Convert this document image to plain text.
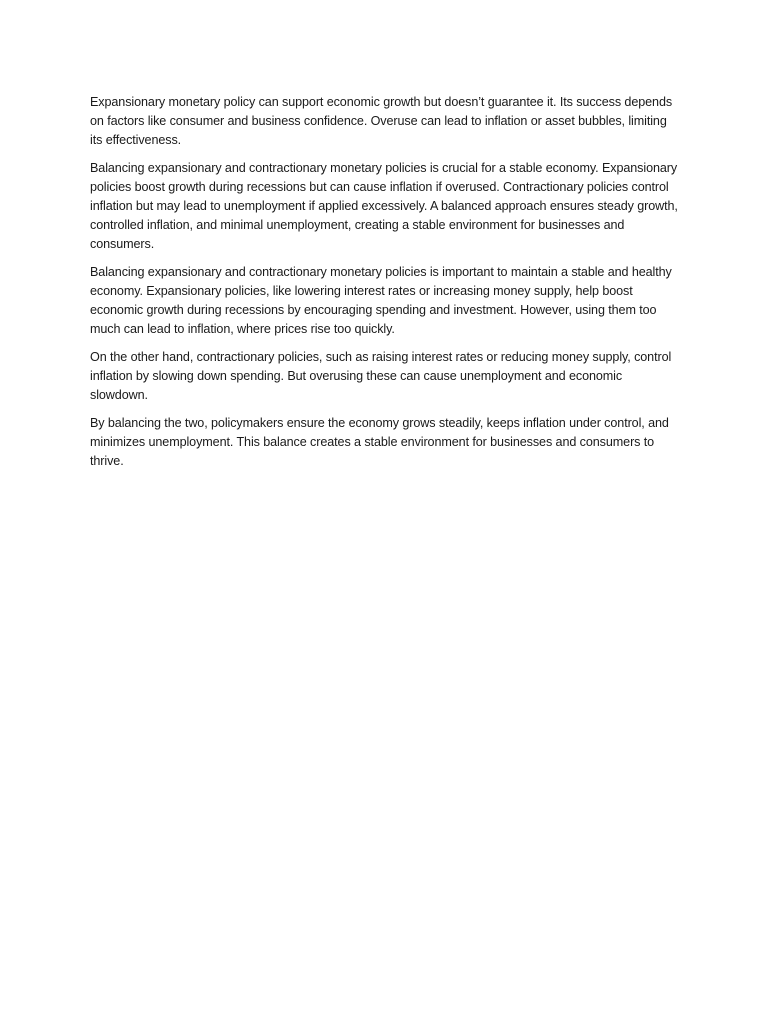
Expansionary monetary policy can support economic growth but doesn’t guarantee it. Its success depends on factors like consumer and business confidence. Overuse can lead to inflation or asset bubbles, limiting its effectiveness.

Balancing expansionary and contractionary monetary policies is crucial for a stable economy. Expansionary policies boost growth during recessions but can cause inflation if overused. Contractionary policies control inflation but may lead to unemployment if applied excessively. A balanced approach ensures steady growth, controlled inflation, and minimal unemployment, creating a stable environment for businesses and consumers.

Balancing expansionary and contractionary monetary policies is important to maintain a stable and healthy economy. Expansionary policies, like lowering interest rates or increasing money supply, help boost economic growth during recessions by encouraging spending and investment. However, using them too much can lead to inflation, where prices rise too quickly.

On the other hand, contractionary policies, such as raising interest rates or reducing money supply, control inflation by slowing down spending. But overusing these can cause unemployment and economic slowdown.

By balancing the two, policymakers ensure the economy grows steadily, keeps inflation under control, and minimizes unemployment. This balance creates a stable environment for businesses and consumers to thrive.
